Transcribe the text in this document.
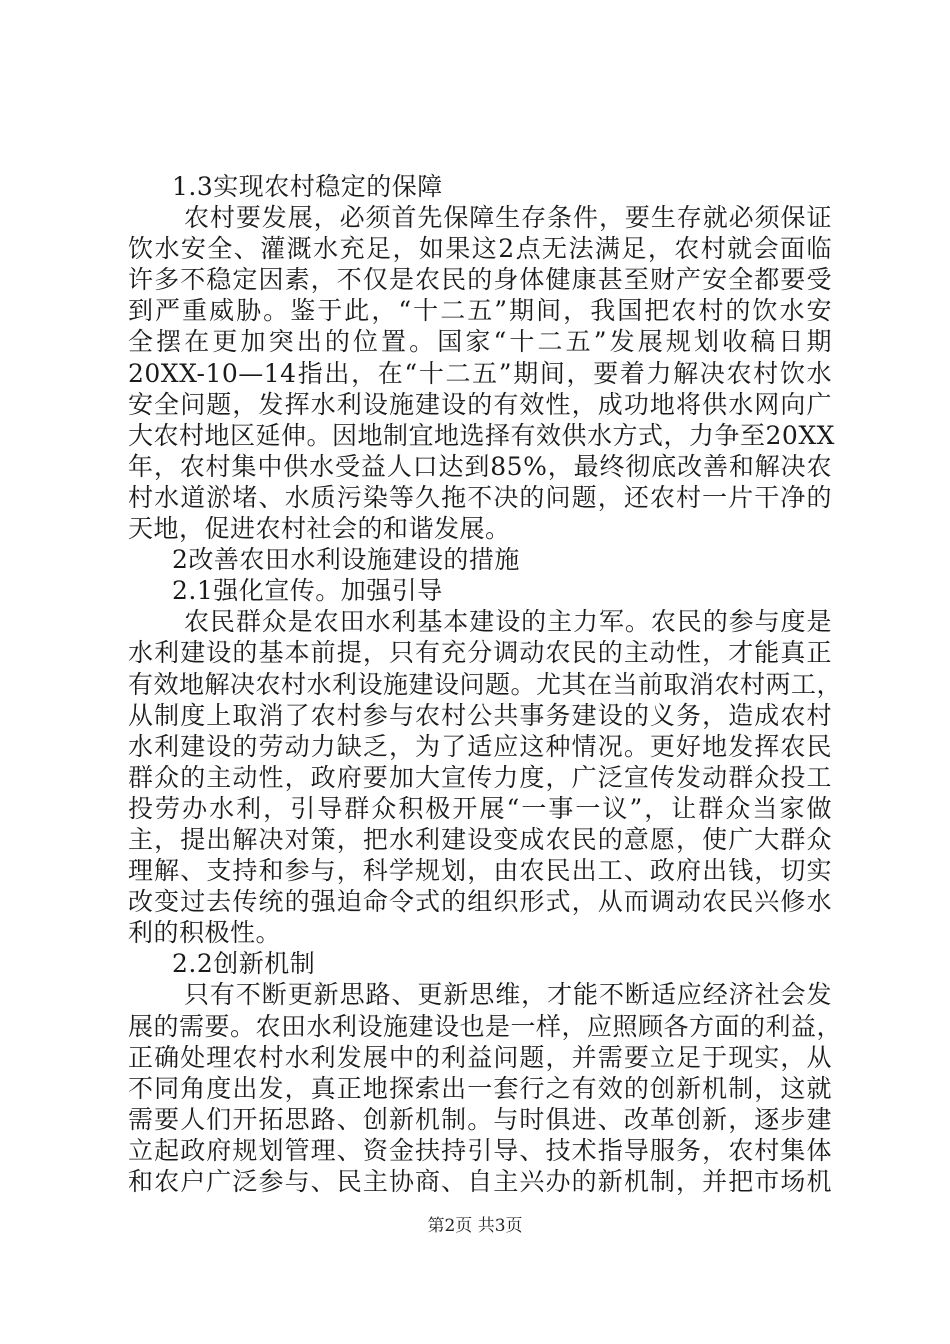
1.3实现农村稳定的保障
农村要发展，必须首先保障生存条件，要生存就必须保证
饮水安全、灌溉水充足，如果这2点无法满足，农村就会面临
许多不稳定因素，不仅是农民的身体健康甚至财产安全都要受
到严重威胁。鉴于此，“十二五”期间，我国把农村的饮水安
全摆在更加突出的位置。国家“十二五”发展规划收稿日期
20XX-10—14指出，在“十二五”期间，要着力解决农村饮水
安全问题，发挥水利设施建设的有效性，成功地将供水网向广
大农村地区延伸。因地制宜地选择有效供水方式，力争至20XX
年，农村集中供水受益人口达到85%，最终彻底改善和解决农
村水道淤堵、水质污染等久拖不决的问题，还农村一片干净的
天地，促进农村社会的和谐发展。
2改善农田水利设施建设的措施
2.1强化宣传。加强引导
农民群众是农田水利基本建设的主力军。农民的参与度是
水利建设的基本前提，只有充分调动农民的主动性，才能真正
有效地解决农村水利设施建设问题。尤其在当前取消农村两工，
从制度上取消了农村参与农村公共事务建设的义务，造成农村
水利建设的劳动力缺乏，为了适应这种情况。更好地发挥农民
群众的主动性，政府要加大宣传力度，广泛宣传发动群众投工
投劳办水利，引导群众积极开展“一事一议”，让群众当家做
主，提出解决对策，把水利建设变成农民的意愿，使广大群众
理解、支持和参与，科学规划，由农民出工、政府出钱，切实
改变过去传统的强迫命令式的组织形式，从而调动农民兴修水
利的积极性。
2.2创新机制
只有不断更新思路、更新思维，才能不断适应经济社会发
展的需要。农田水利设施建设也是一样，应照顾各方面的利益，
正确处理农村水利发展中的利益问题，并需要立足于现实，从
不同角度出发，真正地探索出一套行之有效的创新机制，这就
需要人们开拓思路、创新机制。与时俱进、改革创新，逐步建
立起政府规划管理、资金扶持引导、技术指导服务，农村集体
和农户广泛参与、民主协商、自主兴办的新机制，并把市场机
第2页 共3页
